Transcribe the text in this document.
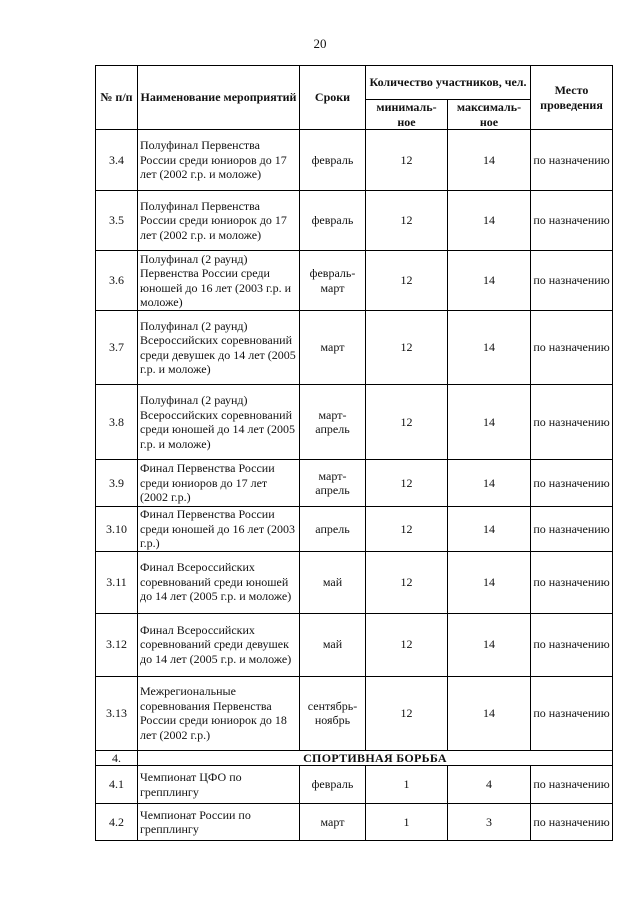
20
№ п/п	Наименование мероприятий	Сроки	Количество участников, чел.		Место проведения
			минималь-ное	максималь-ное	
3.4	Полуфинал Первенства России среди юниоров до 17 лет (2002 г.р. и моложе)	февраль	12	14	по назначению
3.5	Полуфинал Первенства России среди юниорок до 17 лет (2002 г.р. и моложе)	февраль	12	14	по назначению
3.6	Полуфинал (2 раунд) Первенства России среди юношей до 16 лет (2003 г.р. и моложе)	февраль-март	12	14	по назначению
3.7	Полуфинал (2 раунд) Всероссийских соревнований среди девушек до 14 лет (2005 г.р. и моложе)	март	12	14	по назначению
3.8	Полуфинал (2 раунд) Всероссийских соревнований среди юношей до 14 лет (2005 г.р. и моложе)	март-апрель	12	14	по назначению
3.9	Финал Первенства России среди юниоров до 17 лет (2002 г.р.)	март-апрель	12	14	по назначению
3.10	Финал Первенства России среди юношей до 16 лет (2003 г.р.)	апрель	12	14	по назначению
3.11	Финал Всероссийских соревнований среди юношей до 14 лет (2005 г.р. и моложе)	май	12	14	по назначению
3.12	Финал Всероссийских соревнований среди девушек до 14 лет (2005 г.р. и моложе)	май	12	14	по назначению
3.13	Межрегиональные соревнования Первенства России среди юниорок до 18 лет (2002 г.р.)	сентябрь-ноябрь	12	14	по назначению
4.	СПОРТИВНАЯ БОРЬБА				
4.1	Чемпионат ЦФО по грепплингу	февраль	1	4	по назначению
4.2	Чемпионат России по грепплингу	март	1	3	по назначению
